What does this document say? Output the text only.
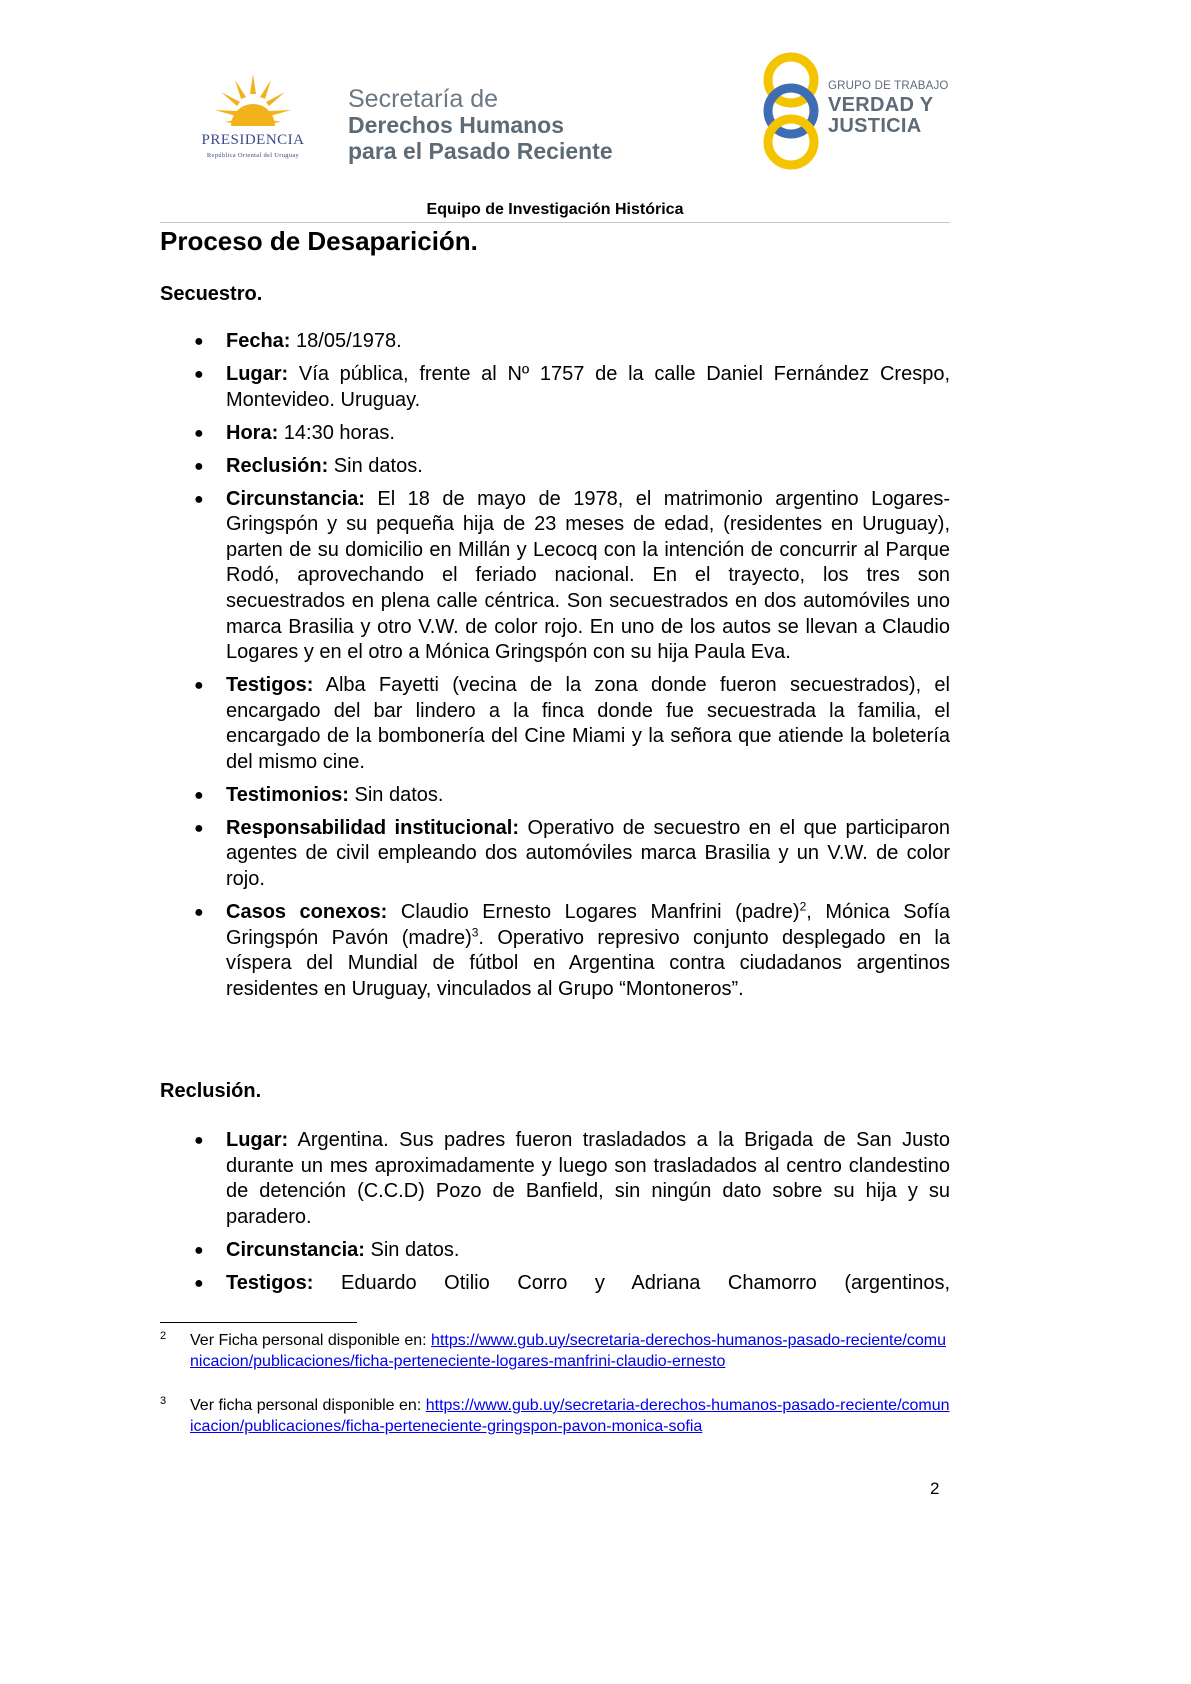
PRESIDENCIA
República Oriental del Uruguay
Secretaría de
Derechos Humanos
para el Pasado Reciente
GRUPO DE TRABAJO
VERDAD Y
JUSTICIA
Equipo de Investigación Histórica
Proceso de Desaparición.
Secuestro.
● Fecha: 18/05/1978.
● Lugar: Vía pública, frente al Nº 1757 de la calle Daniel Fernández Crespo, Montevideo. Uruguay.
● Hora: 14:30 horas.
● Reclusión: Sin datos.
● Circunstancia: El 18 de mayo de 1978, el matrimonio argentino Logares-Gringspón y su pequeña hija de 23 meses de edad, (residentes en Uruguay), parten de su domicilio en Millán y Lecocq con la intención de concurrir al Parque Rodó, aprovechando el feriado nacional. En el trayecto, los tres son secuestrados en plena calle céntrica. Son secuestrados en dos automóviles uno marca Brasilia y otro V.W. de color rojo. En uno de los autos se llevan a Claudio Logares y en el otro a Mónica Gringspón con su hija Paula Eva.
● Testigos: Alba Fayetti (vecina de la zona donde fueron secuestrados), el encargado del bar lindero a la finca donde fue secuestrada la familia, el encargado de la bombonería del Cine Miami y la señora que atiende la boletería del mismo cine.
● Testimonios: Sin datos.
● Responsabilidad institucional: Operativo de secuestro en el que participaron agentes de civil empleando dos automóviles marca Brasilia y un V.W. de color rojo.
● Casos conexos: Claudio Ernesto Logares Manfrini (padre)$^2$, Mónica Sofía Gringspón Pavón (madre)$^3$. Operativo represivo conjunto desplegado en la víspera del Mundial de fútbol en Argentina contra ciudadanos argentinos residentes en Uruguay, vinculados al Grupo “Montoneros”.
Reclusión.
● Lugar: Argentina. Sus padres fueron trasladados a la Brigada de San Justo durante un mes aproximadamente y luego son trasladados al centro clandestino de detención (C.C.D) Pozo de Banfield, sin ningún dato sobre su hija y su paradero.
● Circunstancia: Sin datos.
● Testigos: Eduardo Otilio Corro y Adriana Chamorro (argentinos,
2 Ver Ficha personal disponible en: https://www.gub.uy/secretaria-derechos-humanos-pasado-reciente/comunicacion/publicaciones/ficha-perteneciente-logares-manfrini-claudio-ernesto
3 Ver ficha personal disponible en: https://www.gub.uy/secretaria-derechos-humanos-pasado-reciente/comunicacion/publicaciones/ficha-perteneciente-gringspon-pavon-monica-sofia
2
